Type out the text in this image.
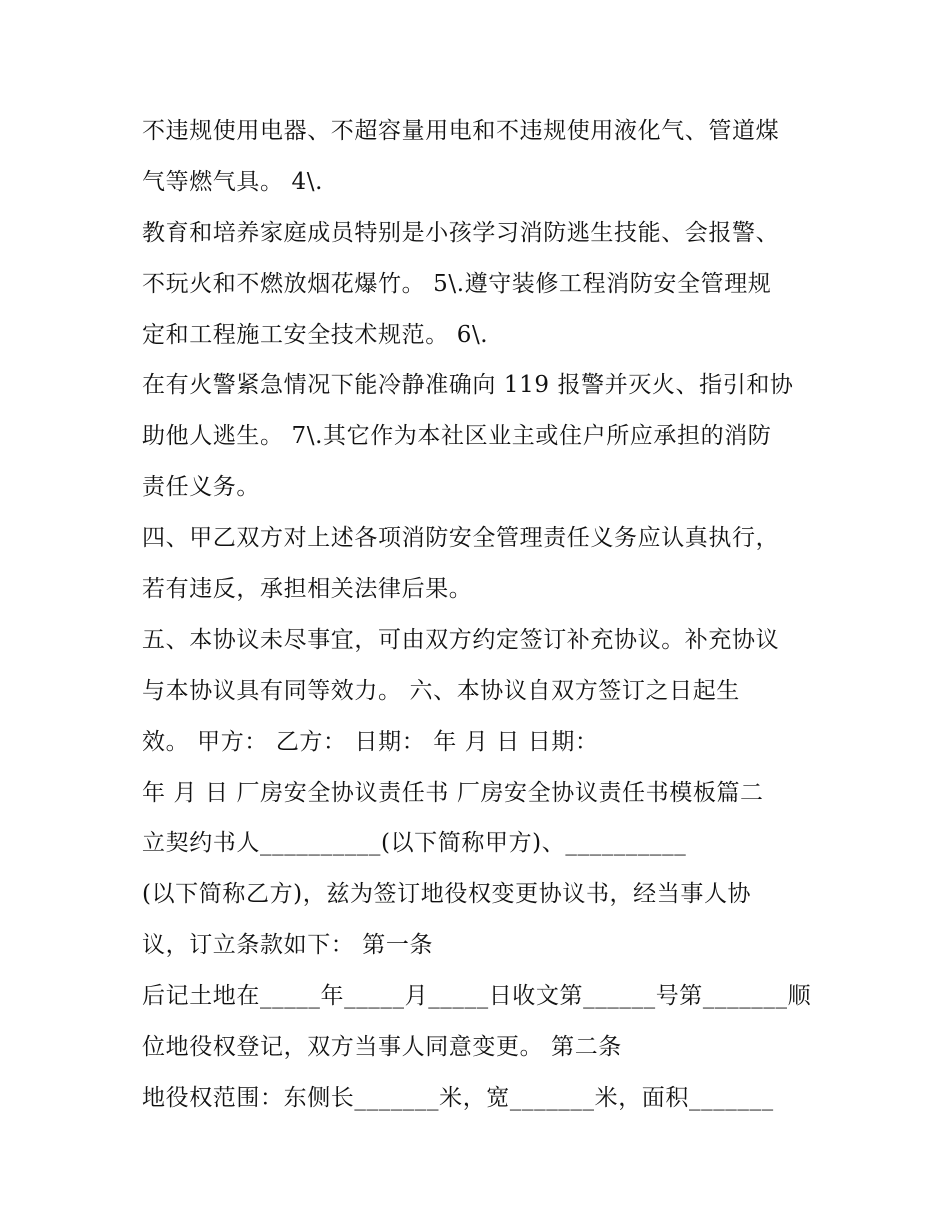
不违规使用电器、不超容量用电和不违规使用液化气、管道煤
气等燃气具。 4\.
教育和培养家庭成员特别是小孩学习消防逃生技能、会报警、
不玩火和不燃放烟花爆竹。 5\.遵守装修工程消防安全管理规
定和工程施工安全技术规范。 6\.
在有火警紧急情况下能冷静准确向 119 报警并灭火、指引和协
助他人逃生。 7\.其它作为本社区业主或住户所应承担的消防
责任义务。
四、甲乙双方对上述各项消防安全管理责任义务应认真执行，
若有违反，承担相关法律后果。
五、本协议未尽事宜，可由双方约定签订补充协议。补充协议
与本协议具有同等效力。 六、本协议自双方签订之日起生
效。 甲方： 乙方： 日期： 年 月 日 日期：
年 月 日 厂房安全协议责任书 厂房安全协议责任书模板篇二
立契约书人__________(以下简称甲方)、__________
(以下简称乙方)，兹为签订地役权变更协议书，经当事人协
议，订立条款如下： 第一条
后记土地在_____年_____月_____日收文第______号第_______顺
位地役权登记，双方当事人同意变更。 第二条
地役权范围：东侧长_______米，宽_______米，面积_______
